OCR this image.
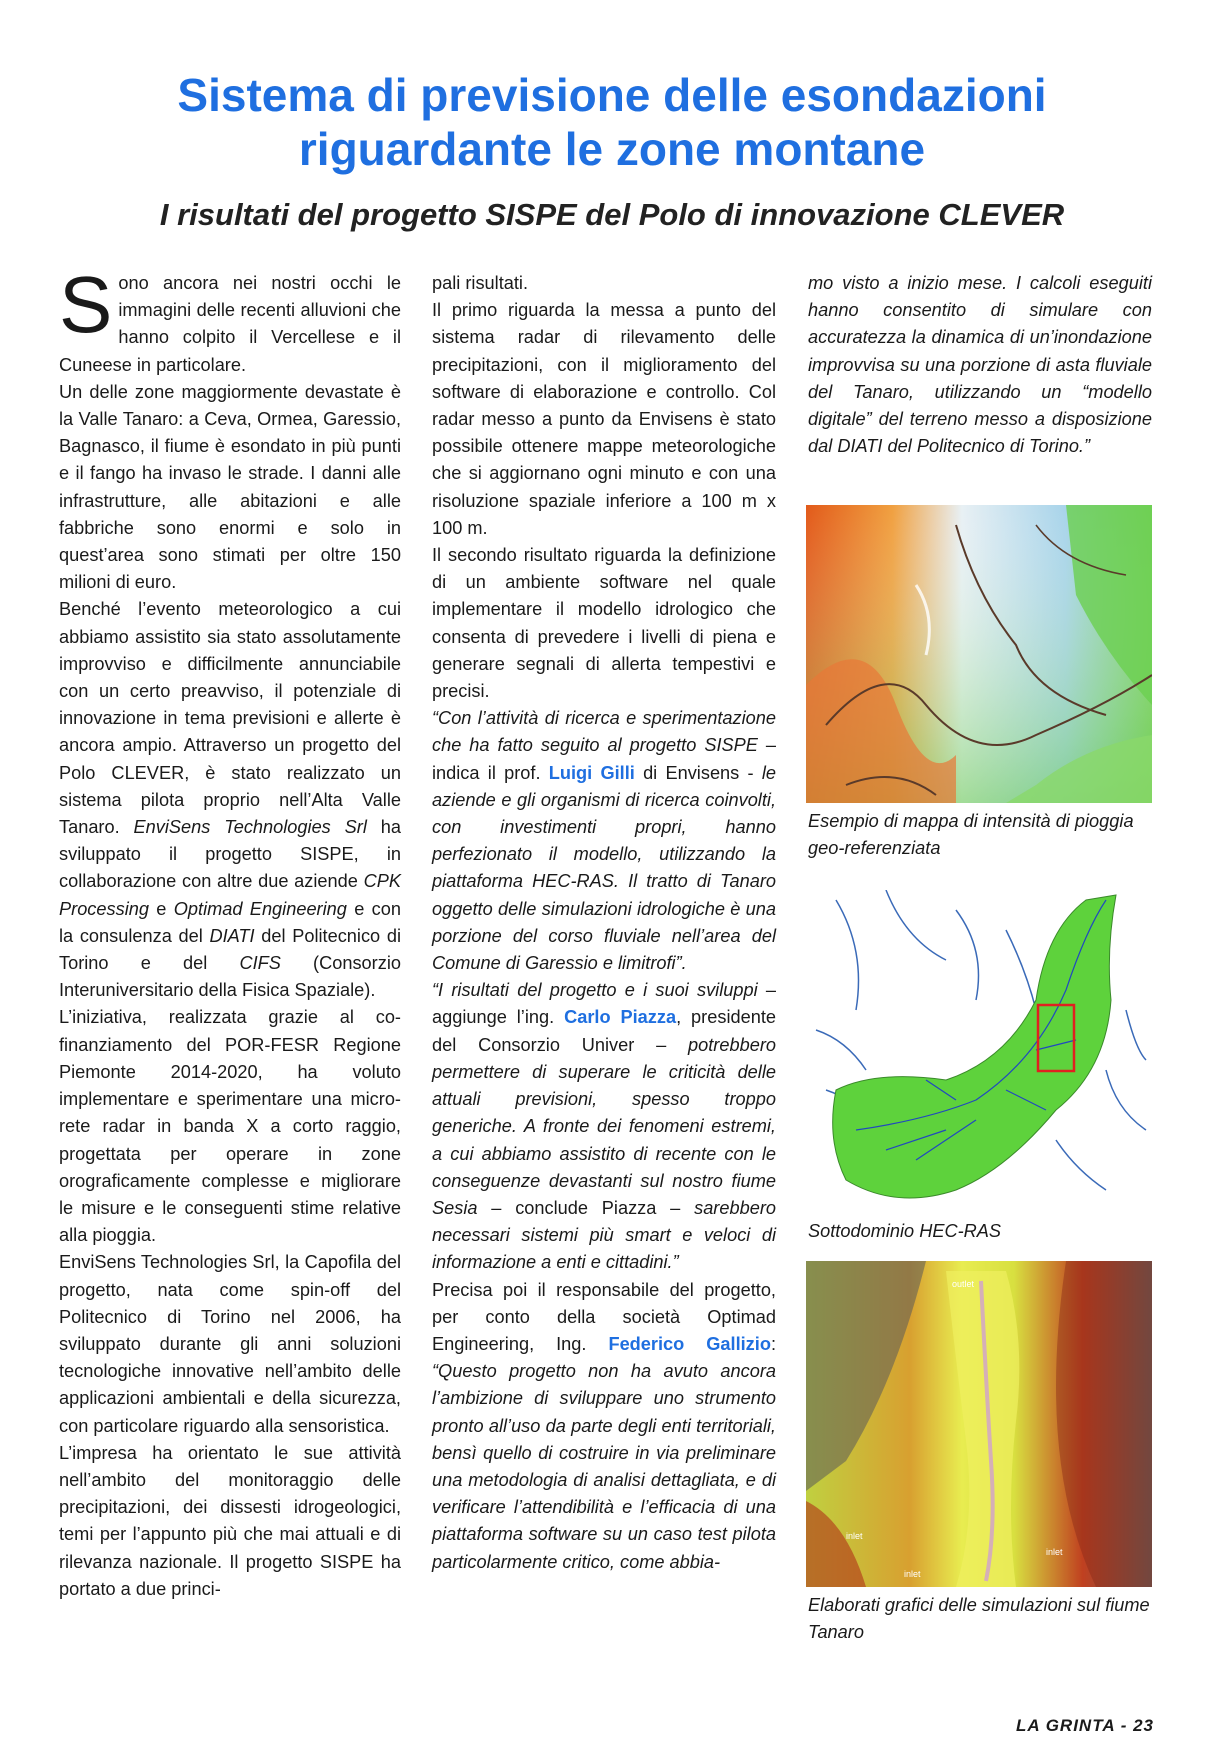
Sistema di previsione delle esondazioni
riguardante le zone montane
I risultati del progetto SISPE del Polo di innovazione CLEVER

Sono ancora nei nostri occhi le immagini delle recenti alluvioni che hanno colpito il Vercellese e il Cuneese in particolare.

Un delle zone maggiormente devastate è la Valle Tanaro: a Ceva, Ormea, Garessio, Bagnasco, il fiume è esondato in più punti e il fango ha invaso le strade. I danni alle infrastrutture, alle abitazioni e alle fabbriche sono enormi e solo in quest’area sono stimati per oltre 150 milioni di euro.

Benché l’evento meteorologico a cui abbiamo assistito sia stato assolutamente improvviso e difficilmente annunciabile con un certo preavviso, il potenziale di innovazione in tema previsioni e allerte è ancora ampio. Attraverso un progetto del Polo CLEVER, è stato realizzato un sistema pilota proprio nell’Alta Valle Tanaro. EnviSens Technologies Srl ha sviluppato il progetto SISPE, in collaborazione con altre due aziende CPK Processing e Optimad Engineering e con la consulenza del DIATI del Politecnico di Torino e del CIFS (Consorzio Interuniversitario della Fisica Spaziale).

L’iniziativa, realizzata grazie al co-finanziamento del POR-FESR Regione Piemonte 2014-2020, ha voluto implementare e sperimentare una micro-rete radar in banda X a corto raggio, progettata per operare in zone orograficamente complesse e migliorare le misure e le conseguenti stime relative alla pioggia.

EnviSens Technologies Srl, la Capofila del progetto, nata come spin-off del Politecnico di Torino nel 2006, ha sviluppato durante gli anni soluzioni tecnologiche innovative nell’ambito delle applicazioni ambientali e della sicurezza, con particolare riguardo alla sensoristica.

L’impresa ha orientato le sue attività nell’ambito del monitoraggio delle precipitazioni, dei dissesti idrogeologici, temi per l’appunto più che mai attuali e di rilevanza nazionale. Il progetto SISPE ha portato a due princi-

pali risultati.

Il primo riguarda la messa a punto del sistema radar di rilevamento delle precipitazioni, con il miglioramento del software di elaborazione e controllo. Col radar messo a punto da Envisens è stato possibile ottenere mappe meteorologiche che si aggiornano ogni minuto e con una risoluzione spaziale inferiore a 100 m x 100 m.

Il secondo risultato riguarda la definizione di un ambiente software nel quale implementare il modello idrologico che consenta di prevedere i livelli di piena e generare segnali di allerta tempestivi e precisi.

“Con l’attività di ricerca e sperimentazione che ha fatto seguito al progetto SISPE – indica il prof. Luigi Gilli di Envisens - le aziende e gli organismi di ricerca coinvolti, con investimenti propri, hanno perfezionato il modello, utilizzando la piattaforma HEC-RAS. Il tratto di Tanaro oggetto delle simulazioni idrologiche è una porzione del corso fluviale nell’area del Comune di Garessio e limitrofi”.

“I risultati del progetto e i suoi sviluppi – aggiunge l’ing. Carlo Piazza, presidente del Consorzio Univer – potrebbero permettere di superare le criticità delle attuali previsioni, spesso troppo generiche. A fronte dei fenomeni estremi, a cui abbiamo assistito di recente con le conseguenze devastanti sul nostro fiume Sesia – conclude Piazza – sarebbero necessari sistemi più smart e veloci di informazione a enti e cittadini.”

Precisa poi il responsabile del progetto, per conto della società Optimad Engineering, Ing. Federico Gallizio: “Questo progetto non ha avuto ancora l’ambizione di sviluppare uno strumento pronto all’uso da parte degli enti territoriali, bensì quello di costruire in via preliminare una metodologia di analisi dettagliata, e di verificare l’attendibilità e l’efficacia di una piattaforma software su un caso test pilota particolarmente critico, come abbia-

mo visto a inizio mese. I calcoli eseguiti hanno consentito di simulare con accuratezza la dinamica di un’inondazione improvvisa su una porzione di asta fluviale del Tanaro, utilizzando un “modello digitale” del terreno messo a disposizione dal DIATI del Politecnico di Torino.”

Esempio di mappa di intensità di pioggia geo-referenziata
Sottodominio HEC-RAS
outlet
inlet
inlet
inlet
Elaborati grafici delle simulazioni sul fiume Tanaro
LA GRINTA - 23
